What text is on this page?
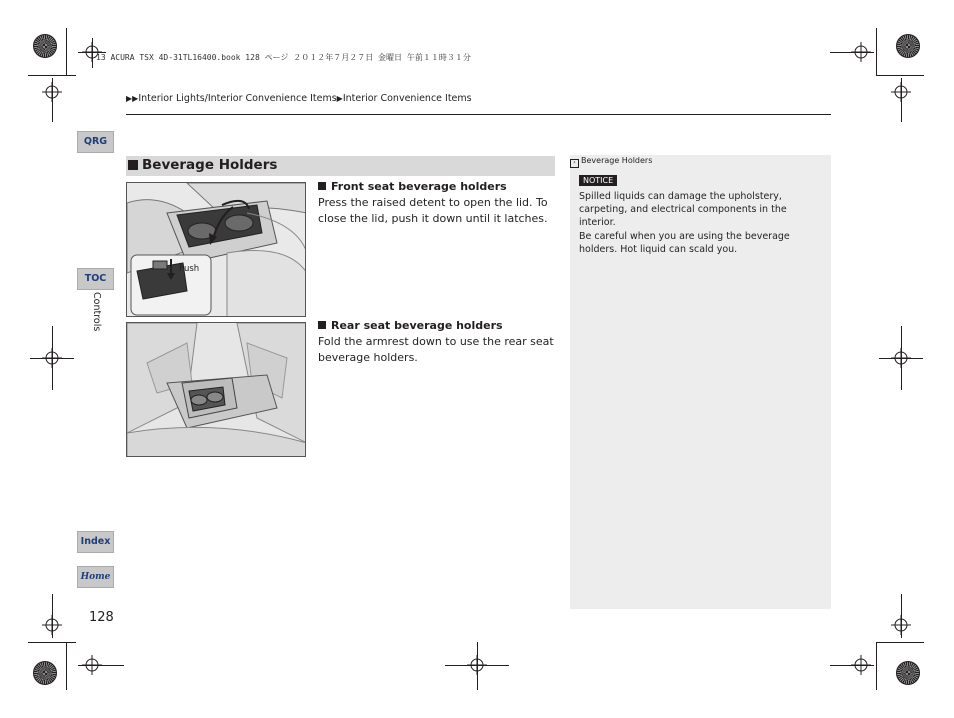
13 ACURA TSX 4D-31TL16400.book 128 ページ ２０１２年７月２７日 金曜日 午前１１時３１分
▶▶Interior Lights/Interior Convenience Items▶Interior Convenience Items
QRG
TOC
Controls
Index
Home
128
Beverage Holders
Push
Front seat beverage holders
Press the raised detent to open the lid. To close the lid, push it down until it latches.
Rear seat beverage holders
Fold the armrest down to use the rear seat beverage holders.
› Beverage Holders
NOTICE
Spilled liquids can damage the upholstery, carpeting, and electrical components in the interior.
Be careful when you are using the beverage holders. Hot liquid can scald you.
